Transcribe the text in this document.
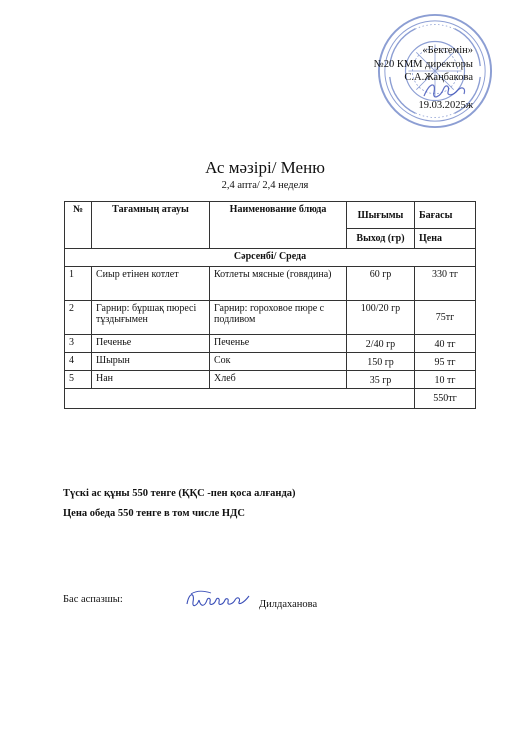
«Бектемін»
№20 КММ директоры
С.А.Жаңбакова
19.03.2025ж
Ас мәзірі/ Меню
2,4 апта/ 2,4 неделя
№	Тағамның атауы	Наименование блюда	Шығымы	Бағасы
			Выход (гр)	Цена
Сәрсенбі/ Среда				
1	Сиыр етінен котлет	Котлеты мясные (говядина)	60 гр	330 тг
2	Гарнир: бұршақ пюресі тұздығымен	Гарнир: гороховое пюре с подливом	100/20 гр	75тг
3	Печенье	Печенье	2/40 гр	40 тг
4	Шырын	Сок	150 гр	95 тг
5	Нан	Хлеб	35 гр	10 тг
				550тг
Түскі ас құны 550 тенге (ҚҚС -пен қоса алғанда)
Цена обеда 550 тенге в том числе НДС
Бас аспазшы:	Дилдаханова
